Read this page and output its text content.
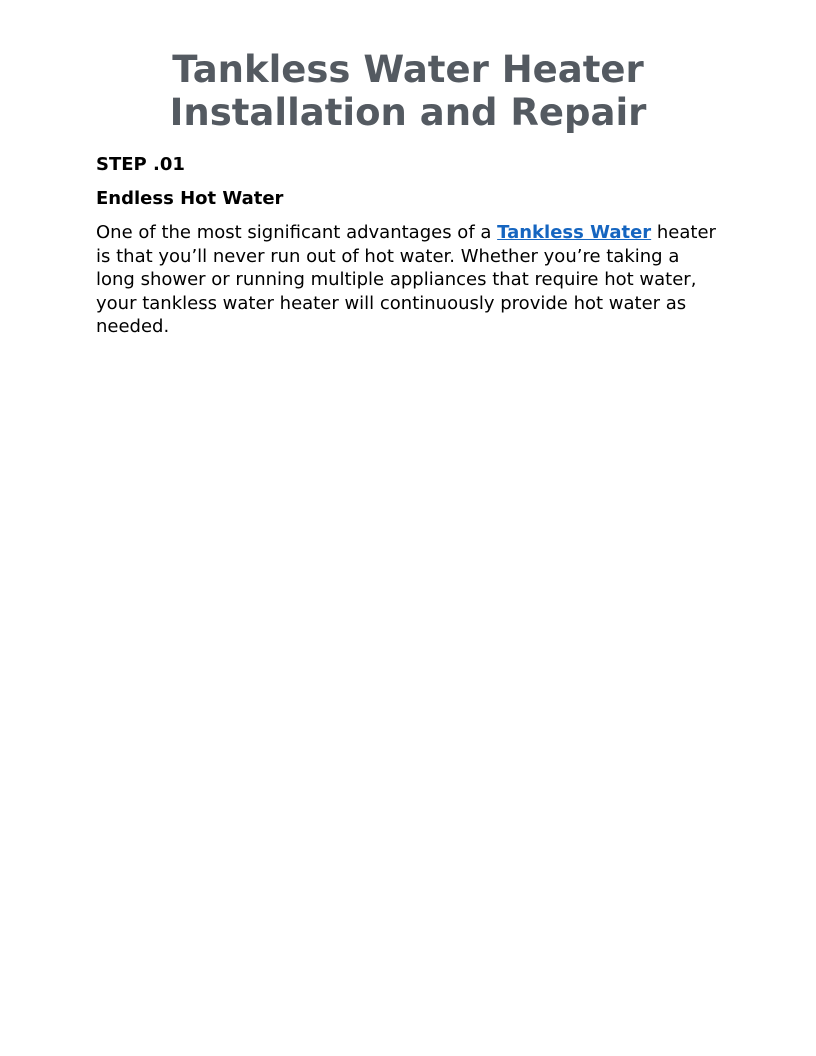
Tankless Water Heater
Installation and Repair
STEP .01
Endless Hot Water

One of the most significant advantages of a Tankless Water heater is that you’ll never run out of hot water. Whether you’re taking a long shower or running multiple appliances that require hot water, your tankless water heater will continuously provide hot water as needed.
